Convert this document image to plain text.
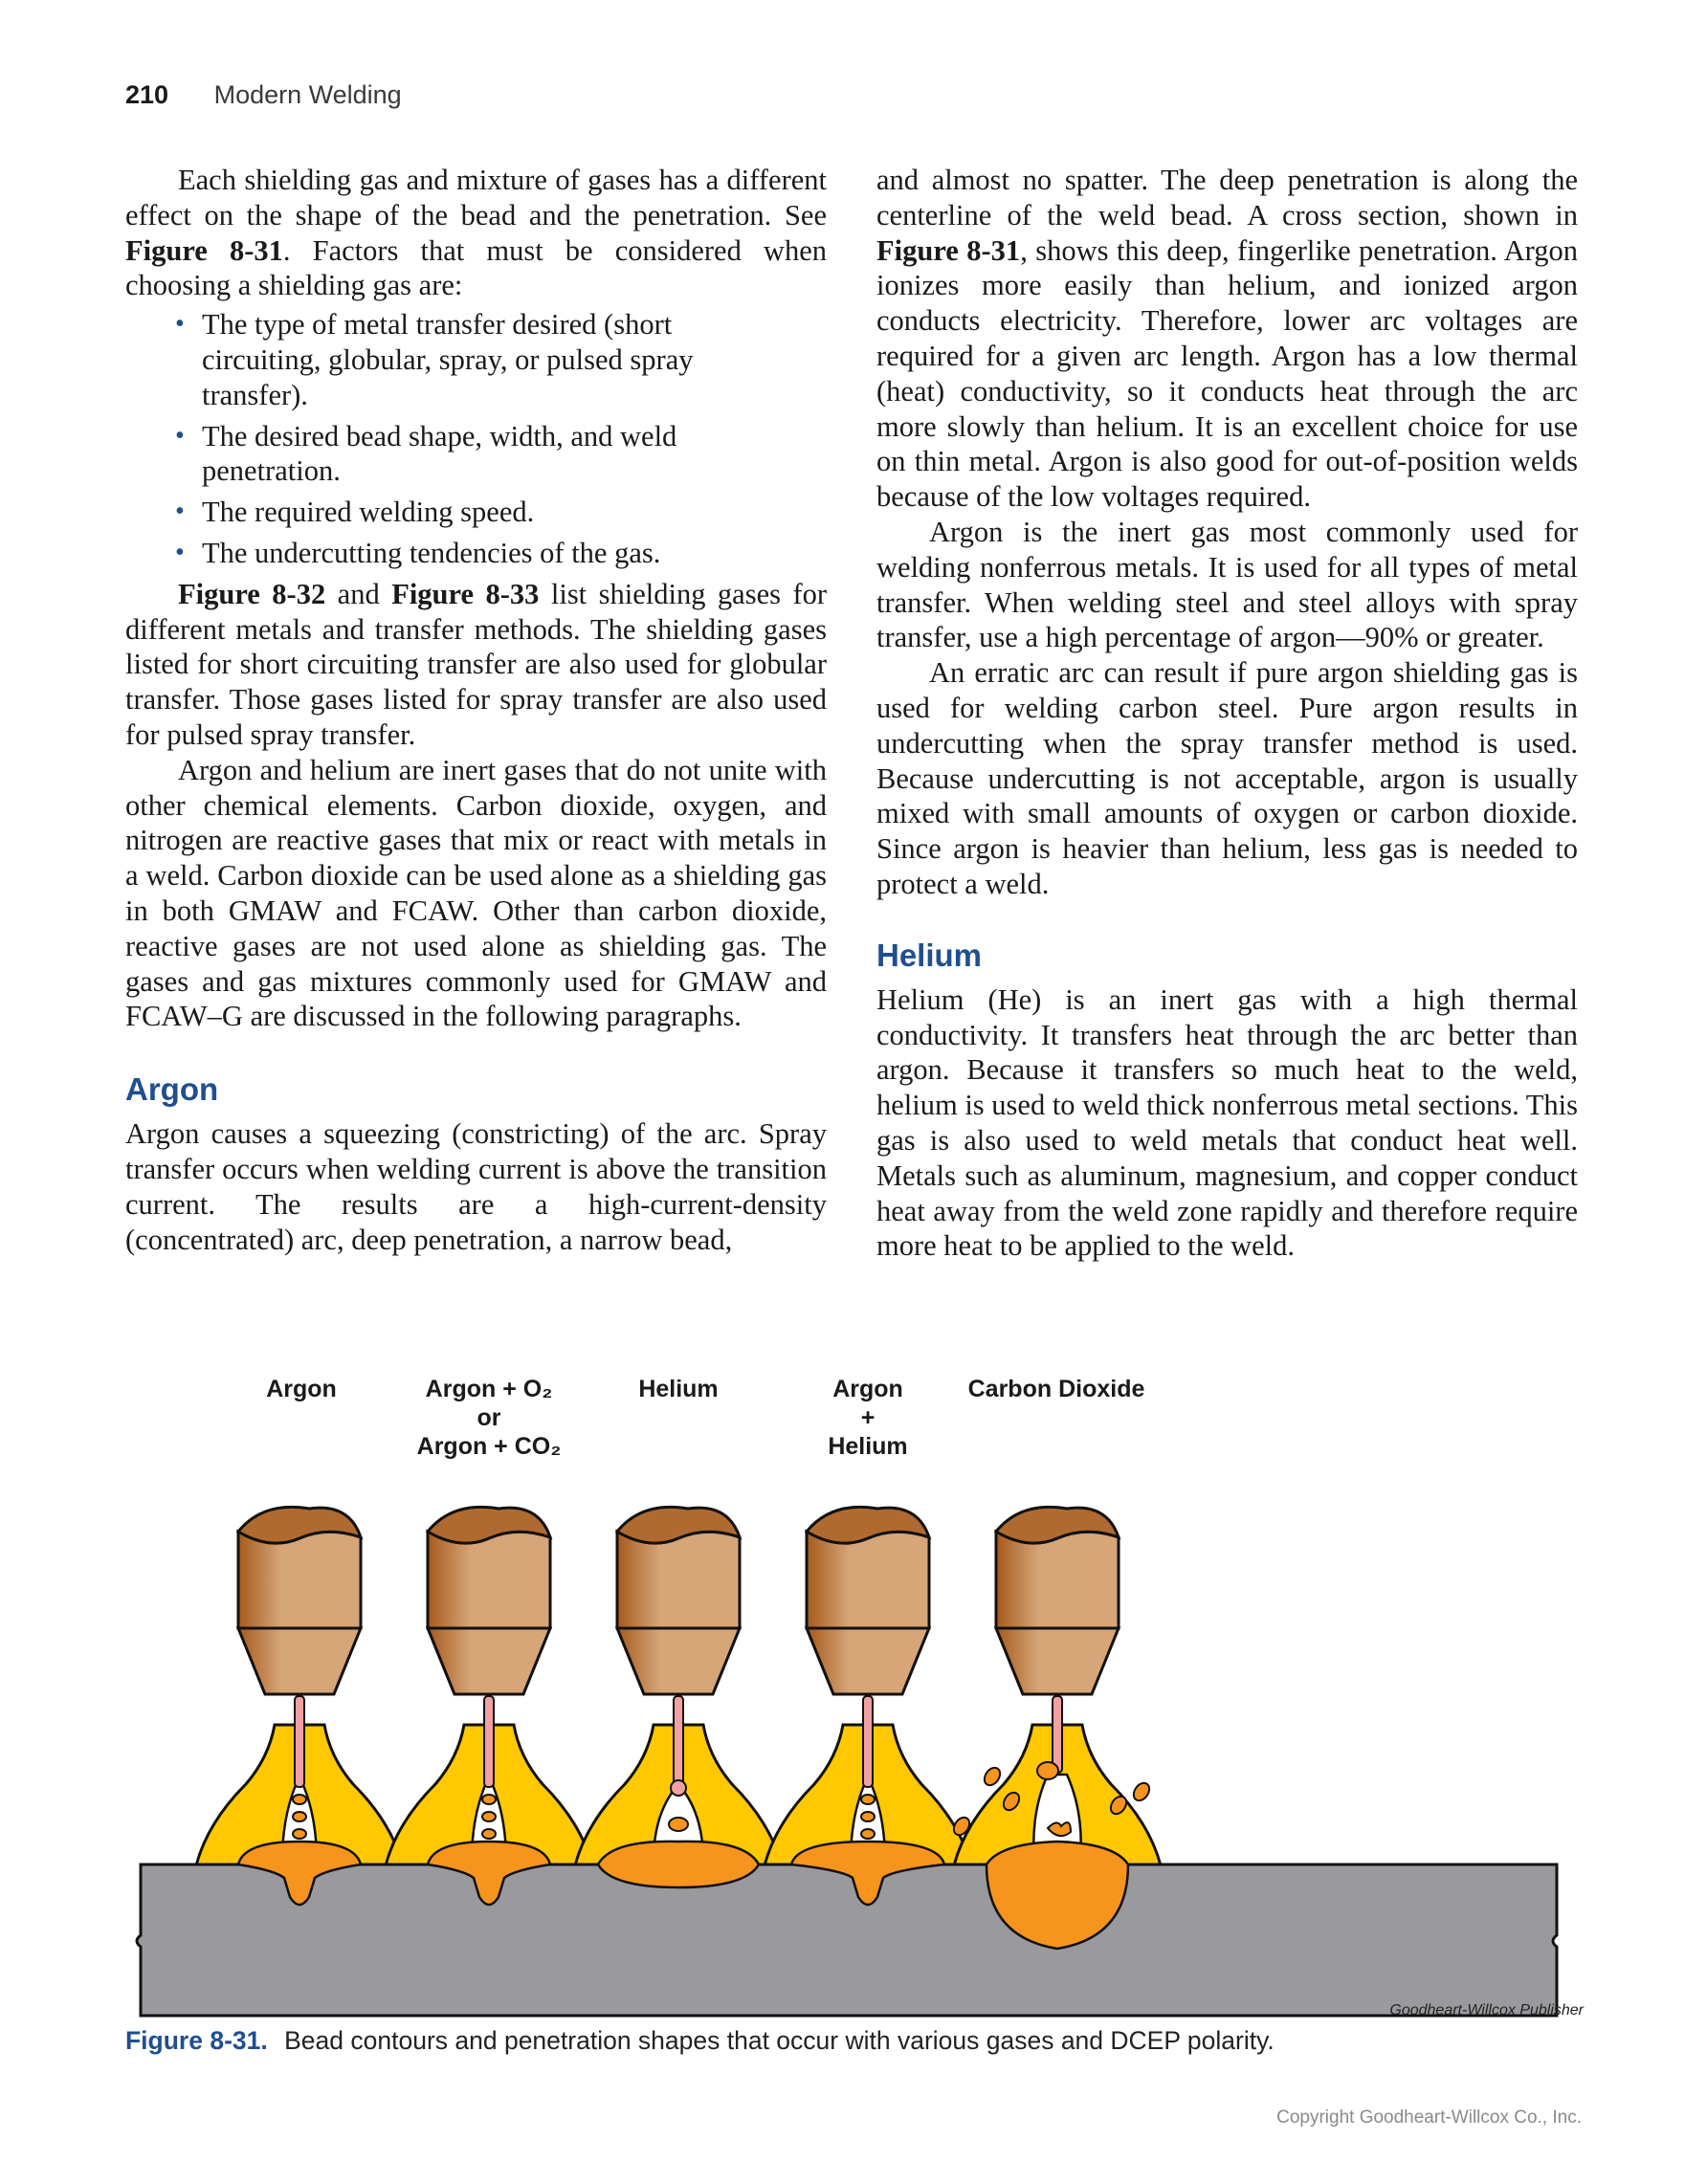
210 Modern Welding

Each shielding gas and mixture of gases has a different effect on the shape of the bead and the penetration. See Figure 8-31. Factors that must be considered when choosing a shielding gas are:

• The type of metal transfer desired (short circuiting, globular, spray, or pulsed spray transfer).
• The desired bead shape, width, and weld penetration.
• The required welding speed.
• The undercutting tendencies of the gas.

Figure 8-32 and Figure 8-33 list shielding gases for different metals and transfer methods. The shielding gases listed for short circuiting transfer are also used for globular transfer. Those gases listed for spray transfer are also used for pulsed spray transfer.

Argon and helium are inert gases that do not unite with other chemical elements. Carbon dioxide, oxygen, and nitrogen are reactive gases that mix or react with metals in a weld. Carbon dioxide can be used alone as a shielding gas in both GMAW and FCAW. Other than carbon dioxide, reactive gases are not used alone as shielding gas. The gases and gas mixtures commonly used for GMAW and FCAW–G are discussed in the following paragraphs.

Argon

Argon causes a squeezing (constricting) of the arc. Spray transfer occurs when welding current is above the transition current. The results are a high-current-density (concentrated) arc, deep penetration, a narrow bead,

and almost no spatter. The deep penetration is along the centerline of the weld bead. A cross section, shown in Figure 8-31, shows this deep, fingerlike penetration. Argon ionizes more easily than helium, and ionized argon conducts electricity. Therefore, lower arc voltages are required for a given arc length. Argon has a low thermal (heat) conductivity, so it conducts heat through the arc more slowly than helium. It is an excellent choice for use on thin metal. Argon is also good for out-of-position welds because of the low voltages required.

Argon is the inert gas most commonly used for welding nonferrous metals. It is used for all types of metal transfer. When welding steel and steel alloys with spray transfer, use a high percentage of argon—90% or greater.

An erratic arc can result if pure argon shielding gas is used for welding carbon steel. Pure argon results in undercutting when the spray transfer method is used. Because undercutting is not acceptable, argon is usually mixed with small amounts of oxygen or carbon dioxide. Since argon is heavier than helium, less gas is needed to protect a weld.

Helium

Helium (He) is an inert gas with a high thermal conductivity. It transfers heat through the arc better than argon. Because it transfers so much heat to the weld, helium is used to weld thick nonferrous metal sections. This gas is also used to weld metals that conduct heat well. Metals such as aluminum, magnesium, and copper conduct heat away from the weld zone rapidly and therefore require more heat to be applied to the weld.

Argon	Argon + O₂
or
Argon + CO₂
Helium	Argon
+
Helium
Carbon Dioxide
Goodheart-Willcox Publisher
Figure 8-31. Bead contours and penetration shapes that occur with various gases and DCEP polarity.
Copyright Goodheart-Willcox Co., Inc.
